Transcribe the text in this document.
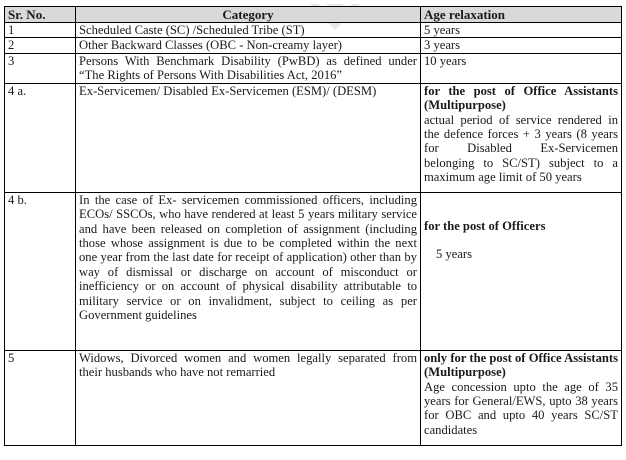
Sr. No.	Category	Age relaxation
1	Scheduled Caste (SC) /Scheduled Tribe (ST)	5 years

2	Other Backward Classes (OBC - Non-creamy layer)	3 years

3	Persons With Benchmark Disability (PwBD) as defined under “The Rights of Persons With Disabilities Act, 2016”	10 years

4 a.	Ex-Servicemen/ Disabled Ex-Servicemen (ESM)/ (DESM)	for the post of Office Assistants (Multipurpose)
actual period of service rendered in the defence forces + 3 years (8 years for Disabled Ex-Servicemen belonging to SC/ST) subject to a maximum age limit of 50 years

4 b.	In the case of Ex- servicemen commissioned officers, including ECOs/ SSCOs, who have rendered at least 5 years military service and have been released on completion of assignment (including those whose assignment is due to be completed within the next one year from the last date for receipt of application) other than by way of dismissal or discharge on account of misconduct or inefficiency or on account of physical disability attributable to military service or on invalidment, subject to ceiling as per Government guidelines	for the post of Officers
5 years

5	Widows, Divorced women and women legally separated from their husbands who have not remarried	only for the post of Office Assistants (Multipurpose)
Age concession upto the age of 35 years for General/EWS, upto 38 years for OBC and upto 40 years SC/ST candidates
